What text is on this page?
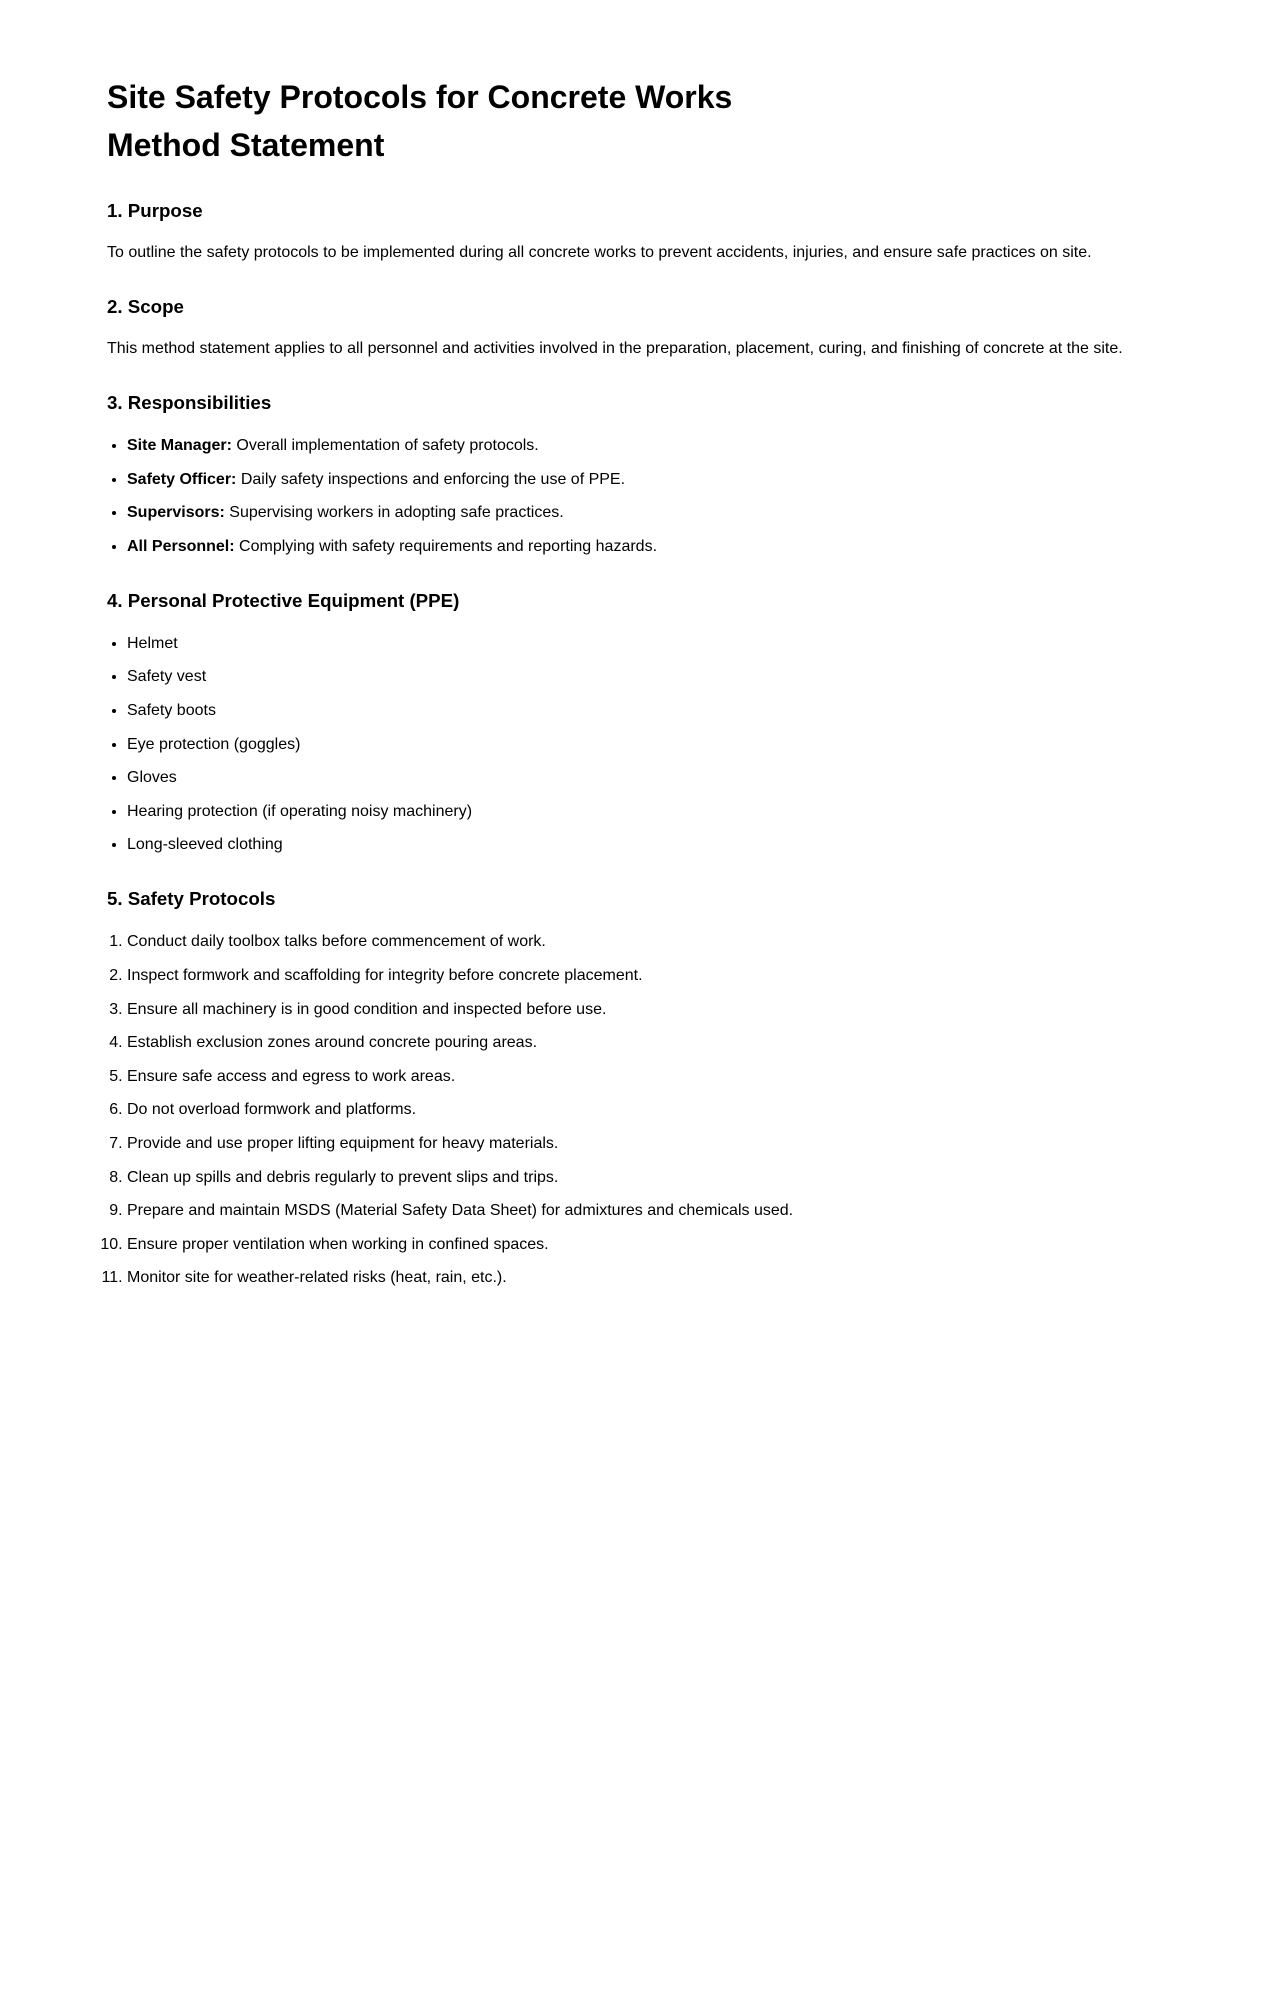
Site Safety Protocols for Concrete Works
Method Statement
1. Purpose

To outline the safety protocols to be implemented during all concrete works to prevent accidents, injuries, and ensure safe practices on site.

2. Scope

This method statement applies to all personnel and activities involved in the preparation, placement, curing, and finishing of concrete at the site.

3. Responsibilities
• Site Manager: Overall implementation of safety protocols.
• Safety Officer: Daily safety inspections and enforcing the use of PPE.
• Supervisors: Supervising workers in adopting safe practices.
• All Personnel: Complying with safety requirements and reporting hazards.
4. Personal Protective Equipment (PPE)
• Helmet
• Safety vest
• Safety boots
• Eye protection (goggles)
• Gloves
• Hearing protection (if operating noisy machinery)
• Long-sleeved clothing
5. Safety Protocols
1. Conduct daily toolbox talks before commencement of work.
2. Inspect formwork and scaffolding for integrity before concrete placement.
3. Ensure all machinery is in good condition and inspected before use.
4. Establish exclusion zones around concrete pouring areas.
5. Ensure safe access and egress to work areas.
6. Do not overload formwork and platforms.
7. Provide and use proper lifting equipment for heavy materials.
8. Clean up spills and debris regularly to prevent slips and trips.
9. Prepare and maintain MSDS (Material Safety Data Sheet) for admixtures and chemicals used.
10. Ensure proper ventilation when working in confined spaces.
11. Monitor site for weather-related risks (heat, rain, etc.).
